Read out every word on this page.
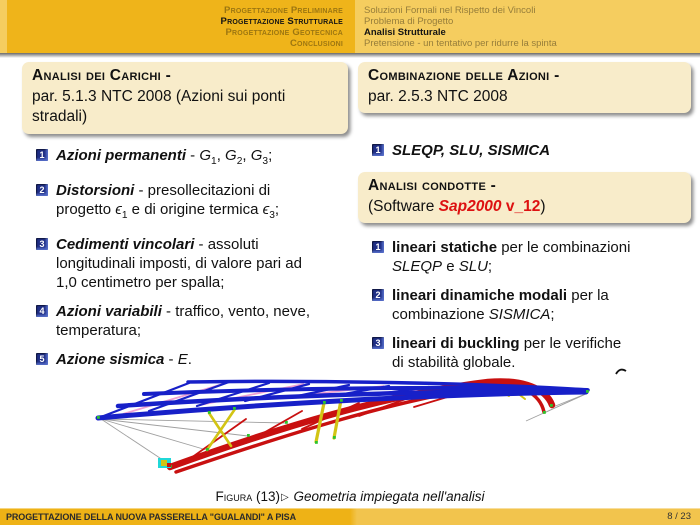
Progettazione Preliminare
Progettazione Strutturale
Progettazione Geotecnica
Conclusioni
Soluzioni Formali nel Rispetto dei Vincoli
Problema di Progetto
Analisi Strutturale
Pretensione - un tentativo per ridurre la spinta
Analisi dei Carichi -
par. 5.1.3 NTC 2008 (Azioni sui ponti stradali)
1 Azioni permanenti - $G_1$, $G_2$, $G_3$;
2 Distorsioni - presollecitazioni di progetto $\epsilon_1$ e di origine termica $\epsilon_3$;
3 Cedimenti vincolari - assoluti longitudinali imposti, di valore pari ad 1,0 centimetro per spalla;
4 Azioni variabili - traffico, vento, neve, temperatura;
5 Azione sismica - E.
Combinazione delle Azioni -
par. 2.5.3 NTC 2008
1 SLEQP, SLU, SISMICA
Analisi condotte -
(Software Sap2000 v_12)
1 lineari statiche per le combinazioni SLEQP e SLU;
2 lineari dinamiche modali per la combinazione SISMICA;
3 lineari di buckling per le verifiche di stabilità globale.
Figura (13)▷ Geometria impiegata nell'analisi
PROGETTAZIONE DELLA NUOVA PASSERELLA "GUALANDI" A PISA	8 / 23
